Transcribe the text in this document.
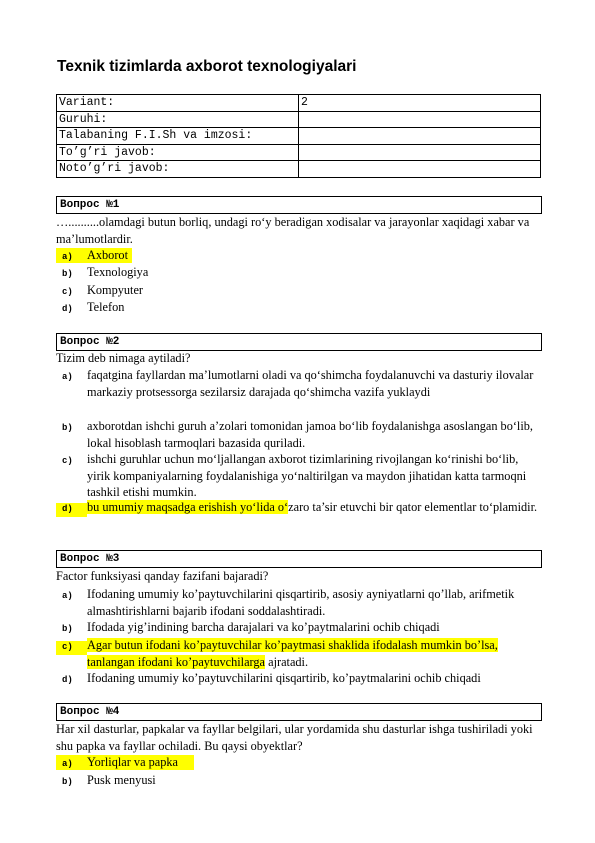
Texnik tizimlarda axborot texnologiyalari
Variant:	2
Guruhi:	
Talabaning F.I.Sh va imzosi:	
To’g’ri javob:	
Noto’g’ri javob:	
Вопрос №1
…..........olamdagi butun borliq, undagi ro‘y beradigan xodisalar va jarayonlar xaqidagi xabar va ma’lumotlardir.
a) Axborot
b) Texnologiya
c) Kompyuter
d) Telefon
Вопрос №2
Tizim deb nimaga aytiladi?
a) faqatgina fayllardan ma’lumotlarni oladi va qo‘shimcha foydalanuvchi va dasturiy ilovalar markaziy protsessorga sezilarsiz darajada qo‘shimcha vazifa yuklaydi
b) axborotdan ishchi guruh a’zolari tomonidan jamoa bo‘lib foydalanishga asoslangan bo‘lib, lokal hisoblash tarmoqlari bazasida quriladi.
c) ishchi guruhlar uchun mo‘ljallangan axborot tizimlarining rivojlangan ko‘rinishi bo‘lib, yirik kompaniyalarning foydalanishiga yo‘naltirilgan va maydon jihatidan katta tarmoqni tashkil etishi mumkin.
d) bu umumiy maqsadga erishish yo‘lida o‘zaro ta’sir etuvchi bir qator elementlar to‘plamidir.
Вопрос №3
Factor funksiyasi qanday fazifani bajaradi?
a) Ifodaning umumiy ko’paytuvchilarini qisqartirib, asosiy ayniyatlarni qo’llab, arifmetik almashtirishlarni bajarib ifodani soddalashtiradi.
b) Ifodada yig’indining barcha darajalari va ko’paytmalarini ochib chiqadi
c) Agar butun ifodani ko’paytuvchilar ko’paytmasi shaklida ifodalash mumkin bo’lsa, tanlangan ifodani ko’paytuvchilarga ajratadi.
d) Ifodaning umumiy ko’paytuvchilarini qisqartirib, ko’paytmalarini ochib chiqadi
Вопрос №4
Har xil dasturlar, papkalar va fayllar belgilari, ular yordamida shu dasturlar ishga tushiriladi yoki shu papka va fayllar ochiladi. Bu qaysi obyektlar?
a) Yorliqlar va papka
b) Pusk menyusi
